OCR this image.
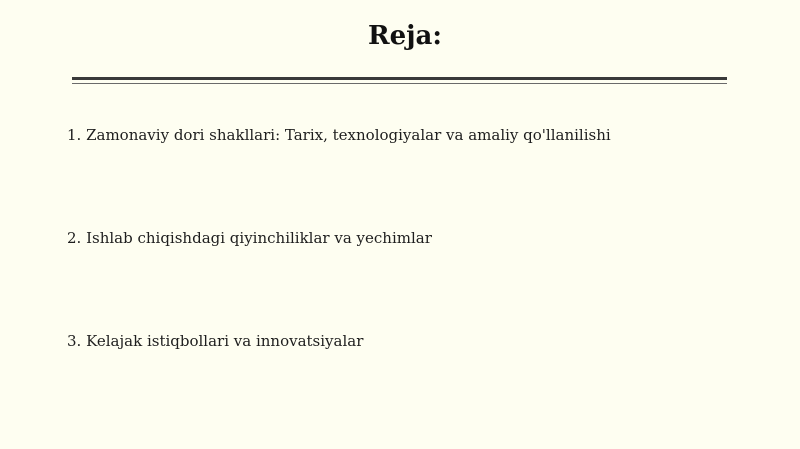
Reja:
1. Zamonaviy dori shakllari: Tarix, texnologiyalar va amaliy qo'llanilishi
2. Ishlab chiqishdagi qiyinchiliklar va yechimlar
3. Kelajak istiqbollari va innovatsiyalar
